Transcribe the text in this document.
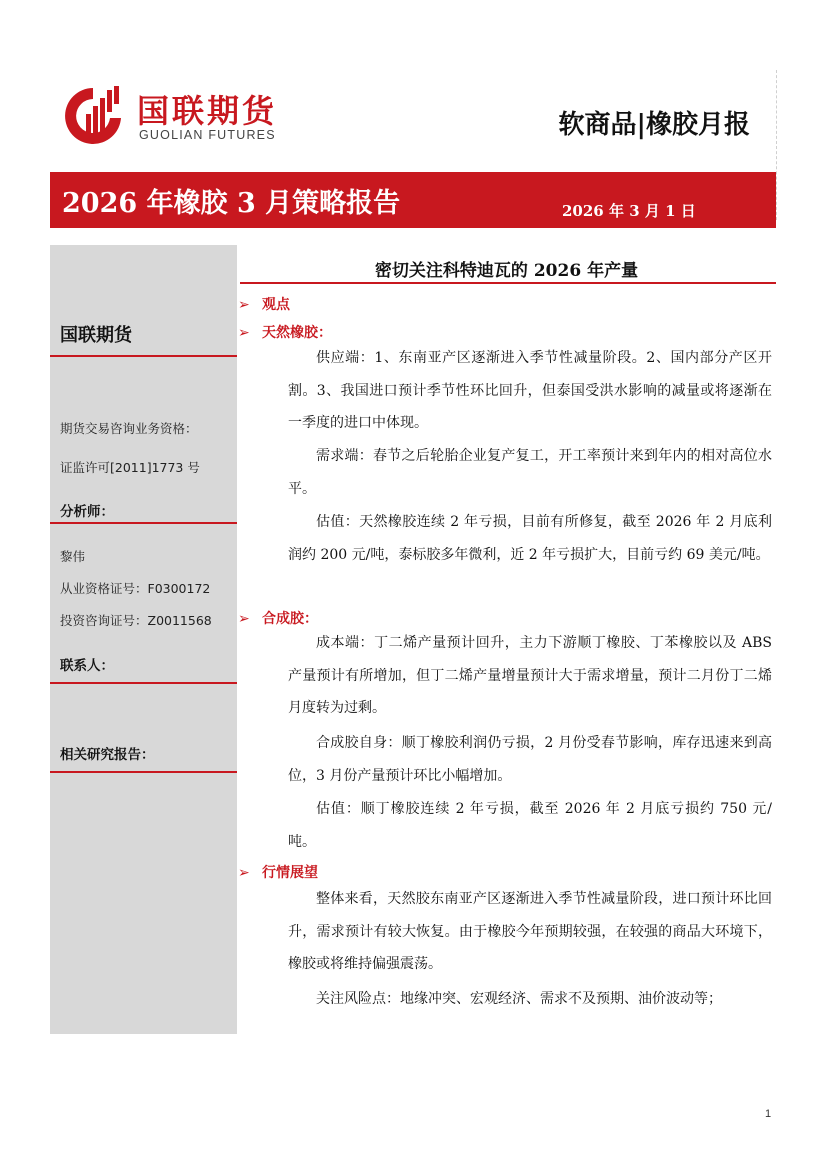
国联期货
GUOLIAN FUTURES	软商品|橡胶月报
2026 年橡胶 3 月策略报告	2026 年 3 月 1 日
国联期货
期货交易咨询业务资格：
证监许可[2011]1773 号
分析师：
黎伟
从业资格证号：F0300172
投资咨询证号：Z0011568
联系人：
相关研究报告：
密切关注科特迪瓦的 2026 年产量
➢ 观点
➢ 天然橡胶：

供应端：1、东南亚产区逐渐进入季节性减量阶段。2、国内部分产区开割。3、我国进口预计季节性环比回升，但泰国受洪水影响的减量或将逐渐在一季度的进口中体现。

需求端：春节之后轮胎企业复产复工，开工率预计来到年内的相对高位水平。

估值：天然橡胶连续 2 年亏损，目前有所修复，截至 2026 年 2 月底利润约 200 元/吨，泰标胶多年微利，近 2 年亏损扩大，目前亏约 69 美元/吨。

➢ 合成胶：

成本端：丁二烯产量预计回升，主力下游顺丁橡胶、丁苯橡胶以及 ABS 产量预计有所增加，但丁二烯产量增量预计大于需求增量，预计二月份丁二烯月度转为过剩。

合成胶自身：顺丁橡胶利润仍亏损，2 月份受春节影响，库存迅速来到高位，3 月份产量预计环比小幅增加。

估值：顺丁橡胶连续 2 年亏损，截至 2026 年 2 月底亏损约 750 元/吨。

➢ 行情展望

整体来看，天然胶东南亚产区逐渐进入季节性减量阶段，进口预计环比回升，需求预计有较大恢复。由于橡胶今年预期较强，在较强的商品大环境下，橡胶或将维持偏强震荡。

关注风险点：地缘冲突、宏观经济、需求不及预期、油价波动等；

1
